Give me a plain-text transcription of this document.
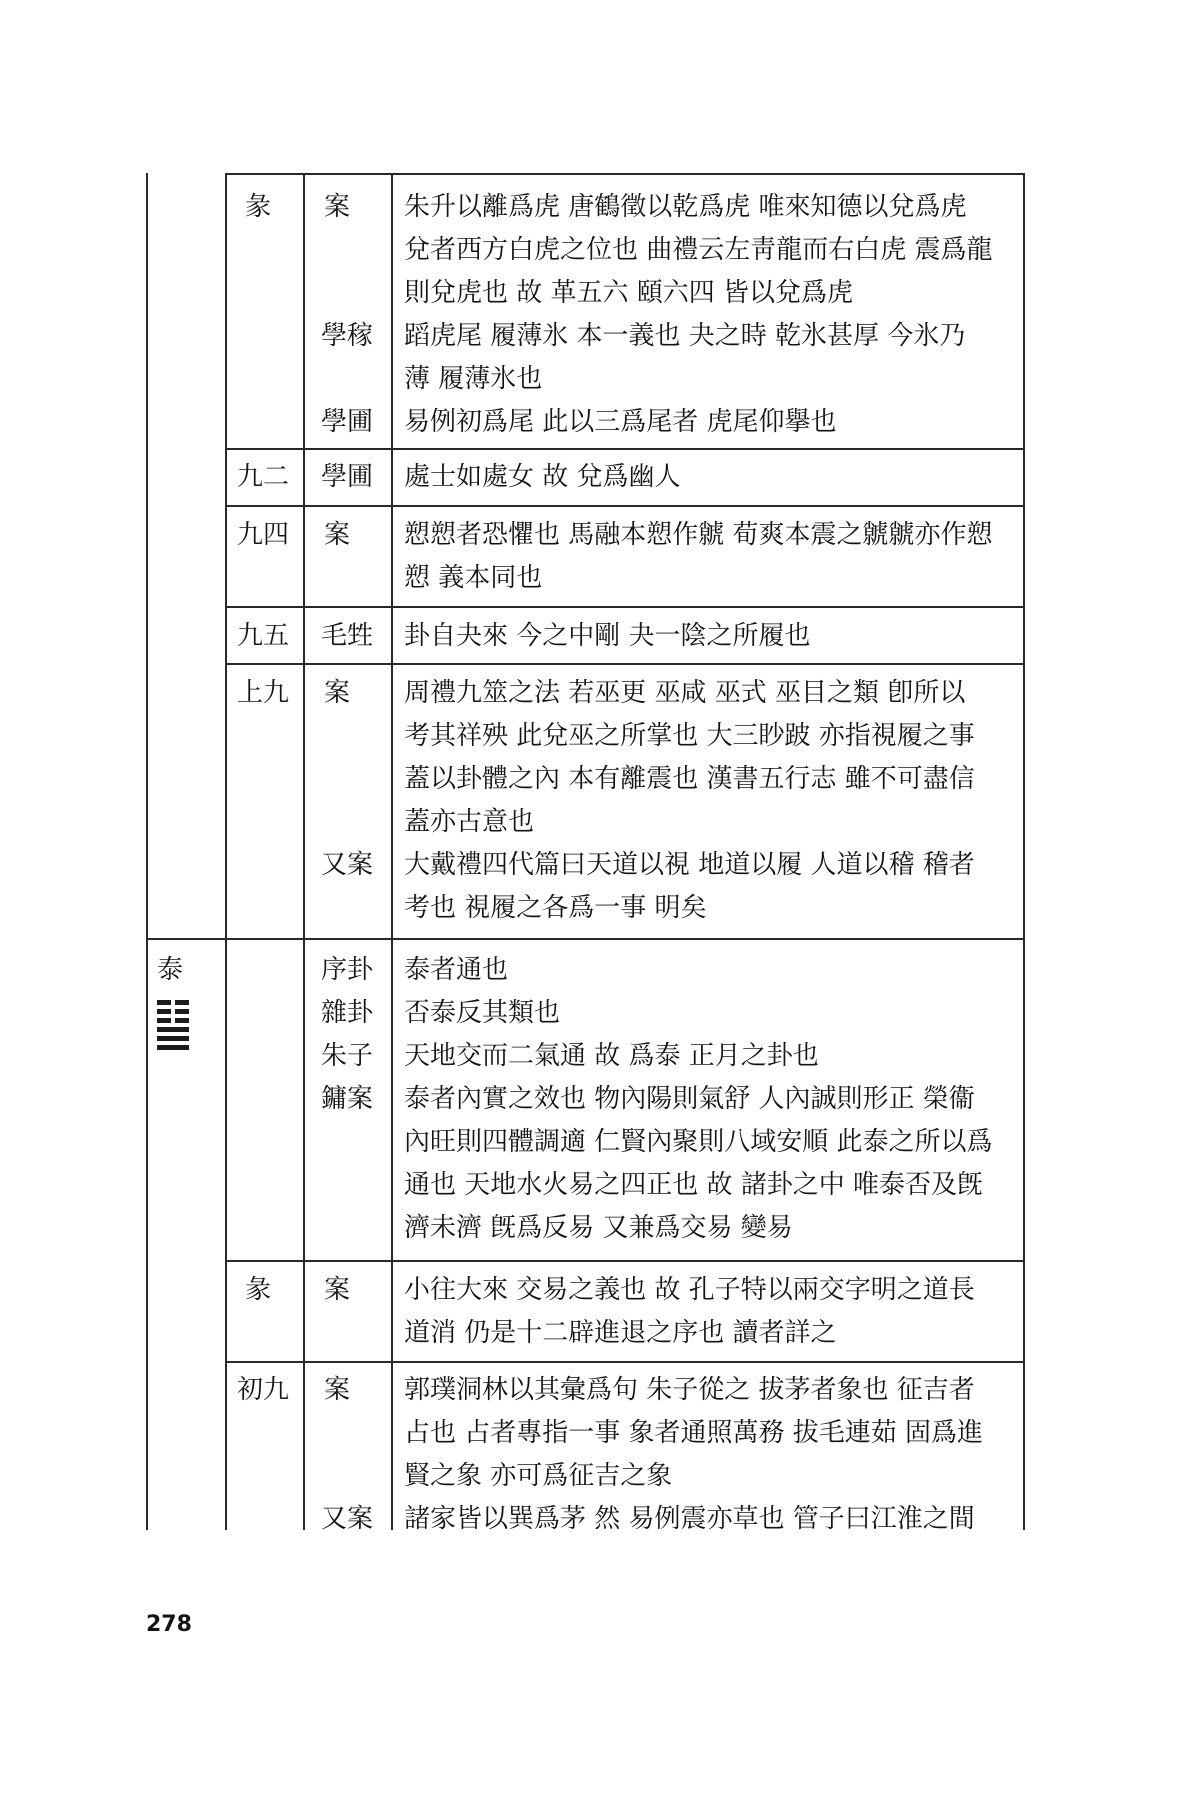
彖 案 朱升以離爲虎 唐鶴徵以乾爲虎 唯來知德以兌爲虎
兌者西方白虎之位也 曲禮云左靑龍而右白虎 震爲龍
則兌虎也 故 革五六 頤六四 皆以兌爲虎
學稼 蹈虎尾 履薄氷 本一義也 夬之時 乾氷甚厚 今氷乃
薄 履薄氷也
學圃 易例初爲尾 此以三爲尾者 虎尾仰擧也
九二 學圃 處士如處女 故 兌爲幽人
九四 案 愬愬者恐懼也 馬融本愬作虩 荀爽本震之虩虩亦作愬
愬 義本同也
九五 毛甡 卦自夬來 今之中剛 夬一陰之所履也
上九 案 周禮九筮之法 若巫更 巫咸 巫式 巫目之類 卽所以
考其祥殃 此兌巫之所掌也 大三眇跛 亦指視履之事
蓋以卦體之內 本有離震也 漢書五行志 雖不可盡信
蓋亦古意也
又案 大戴禮四代篇曰天道以視 地道以履 人道以稽 稽者
考也 視履之各爲一事 明矣
泰	序卦 泰者通也
雜卦 否泰反其類也
朱子 天地交而二氣通 故 爲泰 正月之卦也
鏞案 泰者內實之效也 物內陽則氣舒 人內誠則形正 榮衞
內旺則四體調適 仁賢內聚則八域安順 此泰之所以爲
通也 天地水火易之四正也 故 諸卦之中 唯泰否及旣
濟未濟 旣爲反易 又兼爲交易 變易
彖 案 小往大來 交易之義也 故 孔子特以兩交字明之道長
道消 仍是十二辟進退之序也 讀者詳之
初九 案 郭璞洞林以其彙爲句 朱子從之 拔茅者象也 征吉者
占也 占者專指一事 象者通照萬務 拔毛連茹 固爲進
賢之象 亦可爲征吉之象
又案 諸家皆以巽爲茅 然 易例震亦草也 管子曰江淮之間
278
